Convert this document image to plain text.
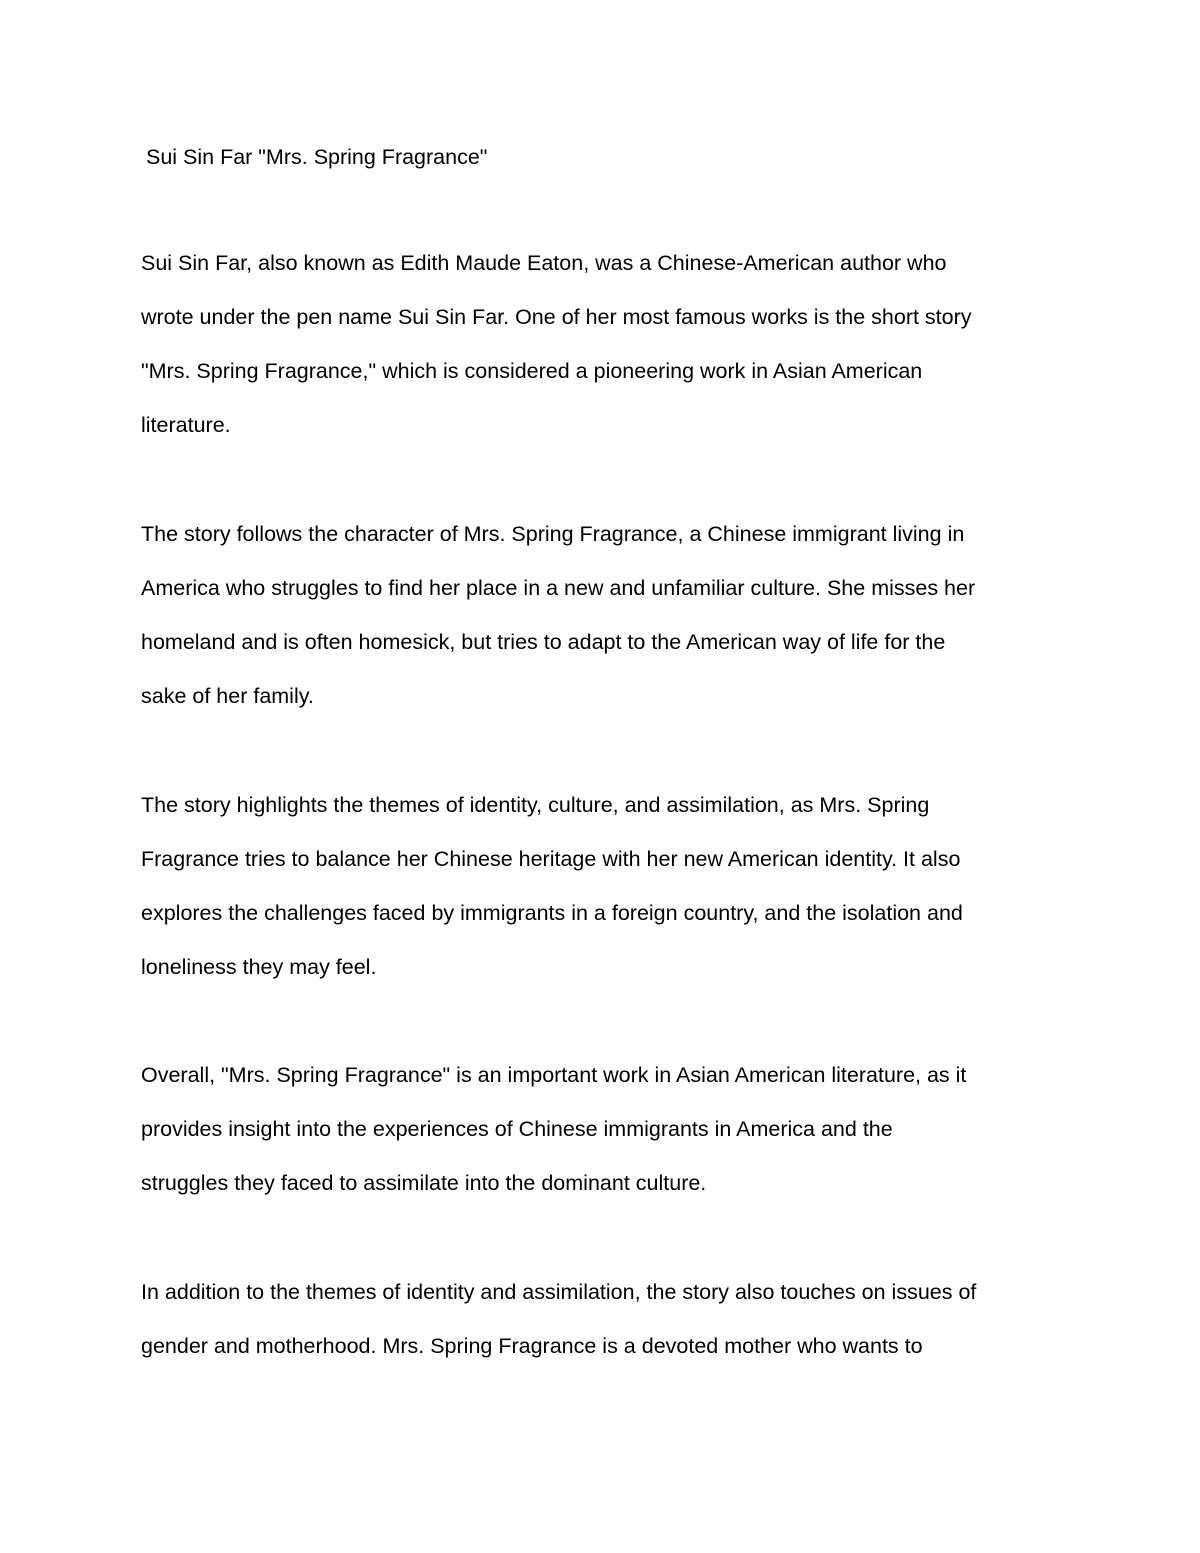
Sui Sin Far "Mrs. Spring Fragrance"
Sui Sin Far, also known as Edith Maude Eaton, was a Chinese-American author who
wrote under the pen name Sui Sin Far. One of her most famous works is the short story
"Mrs. Spring Fragrance," which is considered a pioneering work in Asian American
literature.
The story follows the character of Mrs. Spring Fragrance, a Chinese immigrant living in
America who struggles to find her place in a new and unfamiliar culture. She misses her
homeland and is often homesick, but tries to adapt to the American way of life for the
sake of her family.
The story highlights the themes of identity, culture, and assimilation, as Mrs. Spring
Fragrance tries to balance her Chinese heritage with her new American identity. It also
explores the challenges faced by immigrants in a foreign country, and the isolation and
loneliness they may feel.
Overall, "Mrs. Spring Fragrance" is an important work in Asian American literature, as it
provides insight into the experiences of Chinese immigrants in America and the
struggles they faced to assimilate into the dominant culture.
In addition to the themes of identity and assimilation, the story also touches on issues of
gender and motherhood. Mrs. Spring Fragrance is a devoted mother who wants to
